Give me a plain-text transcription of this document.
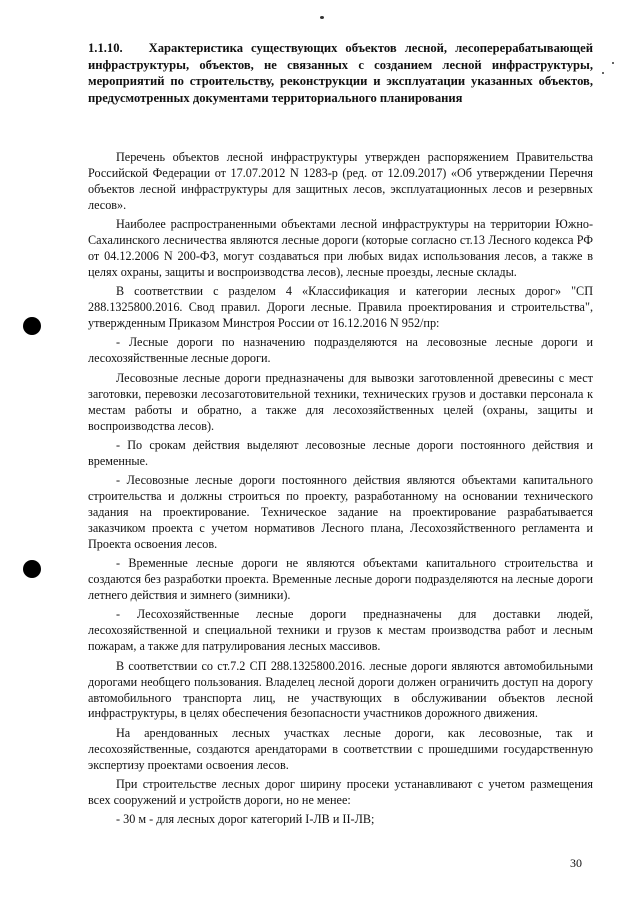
1.1.10. Характеристика существующих объектов лесной, лесоперерабатывающей инфраструктуры, объектов, не связанных с созданием лесной инфраструктуры, мероприятий по строительству, реконструкции и эксплуатации указанных объектов, предусмотренных документами территориального планирования

Перечень объектов лесной инфраструктуры утвержден распоряжением Правительства Российской Федерации от 17.07.2012 N 1283-р (ред. от 12.09.2017) «Об утверждении Перечня объектов лесной инфраструктуры для защитных лесов, эксплуатационных лесов и резервных лесов».

Наиболее распространенными объектами лесной инфраструктуры на территории Южно-Сахалинского лесничества являются лесные дороги (которые согласно ст.13 Лесного кодекса РФ от 04.12.2006 N 200-ФЗ, могут создаваться при любых видах использования лесов, а также в целях охраны, защиты и воспроизводства лесов), лесные проезды, лесные склады.

В соответствии с разделом 4 «Классификация и категории лесных дорог» "СП 288.1325800.2016. Свод правил. Дороги лесные. Правила проектирования и строительства", утвержденным Приказом Минстроя России от 16.12.2016 N 952/пр:

- Лесные дороги по назначению подразделяются на лесовозные лесные дороги и лесохозяйственные лесные дороги.

Лесовозные лесные дороги предназначены для вывозки заготовленной древесины с мест заготовки, перевозки лесозаготовительной техники, технических грузов и доставки персонала к местам работы и обратно, а также для лесохозяйственных целей (охраны, защиты и воспроизводства лесов).

- По срокам действия выделяют лесовозные лесные дороги постоянного действия и временные.

- Лесовозные лесные дороги постоянного действия являются объектами капитального строительства и должны строиться по проекту, разработанному на основании технического задания на проектирование. Техническое задание на проектирование разрабатывается заказчиком проекта с учетом нормативов Лесного плана, Лесохозяйственного регламента и Проекта освоения лесов.

- Временные лесные дороги не являются объектами капитального строительства и создаются без разработки проекта. Временные лесные дороги подразделяются на лесные дороги летнего действия и зимнего (зимники).

- Лесохозяйственные лесные дороги предназначены для доставки людей, лесохозяйственной и специальной техники и грузов к местам производства работ и лесным пожарам, а также для патрулирования лесных массивов.

В соответствии со ст.7.2 СП 288.1325800.2016. лесные дороги являются автомобильными дорогами необщего пользования. Владелец лесной дороги должен ограничить доступ на дорогу автомобильного транспорта лиц, не участвующих в обслуживании объектов лесной инфраструктуры, в целях обеспечения безопасности участников дорожного движения.

На арендованных лесных участках лесные дороги, как лесовозные, так и лесохозяйственные, создаются арендаторами в соответствии с прошедшими государственную экспертизу проектами освоения лесов.

При строительстве лесных дорог ширину просеки устанавливают с учетом размещения всех сооружений и устройств дороги, но не менее:

- 30 м - для лесных дорог категорий I-ЛВ и II-ЛВ;

30
